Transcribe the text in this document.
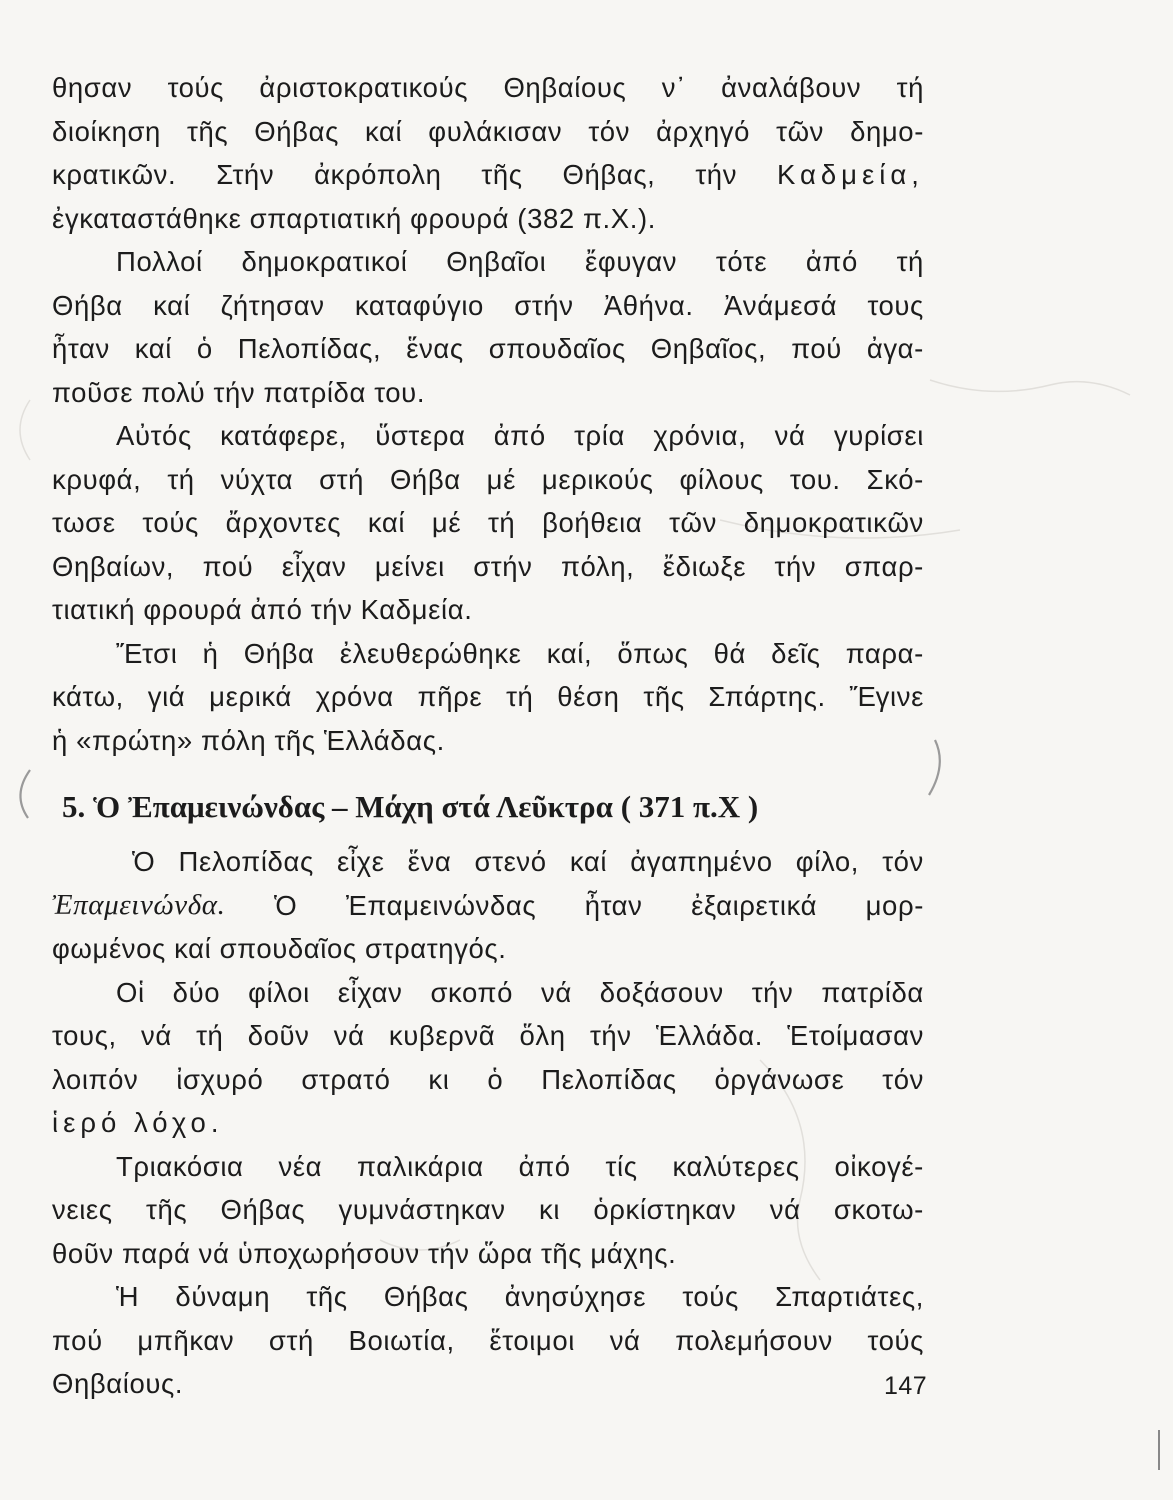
θησαν τούς ἀριστοκρατικούς Θηβαίους ν᾽ ἀναλάβουν τή
διοίκηση τῆς Θήβας καί φυλάκισαν τόν ἀρχηγό τῶν δημο-
κρατικῶν. Στήν ἀκρόπολη τῆς Θήβας, τήν Καδμεία,
ἐγκαταστάθηκε σπαρτιατική φρουρά (382 π.Χ.).
Πολλοί δημοκρατικοί Θηβαῖοι ἔφυγαν τότε ἀπό τή
Θήβα καί ζήτησαν καταφύγιο στήν Ἀθήνα. Ἀνάμεσά τους
ἦταν καί ὁ Πελοπίδας, ἕνας σπουδαῖος Θηβαῖος, πού ἀγα-
ποῦσε πολύ τήν πατρίδα του.
Αὐτός κατάφερε, ὕστερα ἀπό τρία χρόνια, νά γυρίσει
κρυφά, τή νύχτα στή Θήβα μέ μερικούς φίλους του. Σκό-
τωσε τούς ἄρχοντες καί μέ τή βοήθεια τῶν δημοκρατικῶν
Θηβαίων, πού εἶχαν μείνει στήν πόλη, ἔδιωξε τήν σπαρ-
τιατική φρουρά ἀπό τήν Καδμεία.
Ἔτσι ἡ Θήβα ἐλευθερώθηκε καί, ὅπως θά δεῖς παρα-
κάτω, γιά μερικά χρόνα πῆρε τή θέση τῆς Σπάρτης. Ἔγινε
ἡ «πρώτη» πόλη τῆς Ἑλλάδας.
5. Ὁ Ἐπαμεινώνδας – Μάχη στά Λεῦκτρα ( 371 π.Χ )
Ὁ Πελοπίδας εἶχε ἕνα στενό καί ἀγαπημένο φίλο, τόν
Ἐπαμεινώνδα. Ὁ Ἐπαμεινώνδας ἦταν ἐξαιρετικά μορ-
φωμένος καί σπουδαῖος στρατηγός.
Οἱ δύο φίλοι εἶχαν σκοπό νά δοξάσουν τήν πατρίδα
τους, νά τή δοῦν νά κυβερνᾶ ὅλη τήν Ἑλλάδα. Ἑτοίμασαν
λοιπόν ἰσχυρό στρατό κι ὁ Πελοπίδας ὀργάνωσε τόν
ἱερό λόχο.
Τριακόσια νέα παλικάρια ἀπό τίς καλύτερες οἰκογέ-
νειες τῆς Θήβας γυμνάστηκαν κι ὁρκίστηκαν νά σκοτω-
θοῦν παρά νά ὑποχωρήσουν τήν ὥρα τῆς μάχης.
Ἡ δύναμη τῆς Θήβας ἀνησύχησε τούς Σπαρτιάτες,
πού μπῆκαν στή Βοιωτία, ἕτοιμοι νά πολεμήσουν τούς
Θηβαίους.	147
